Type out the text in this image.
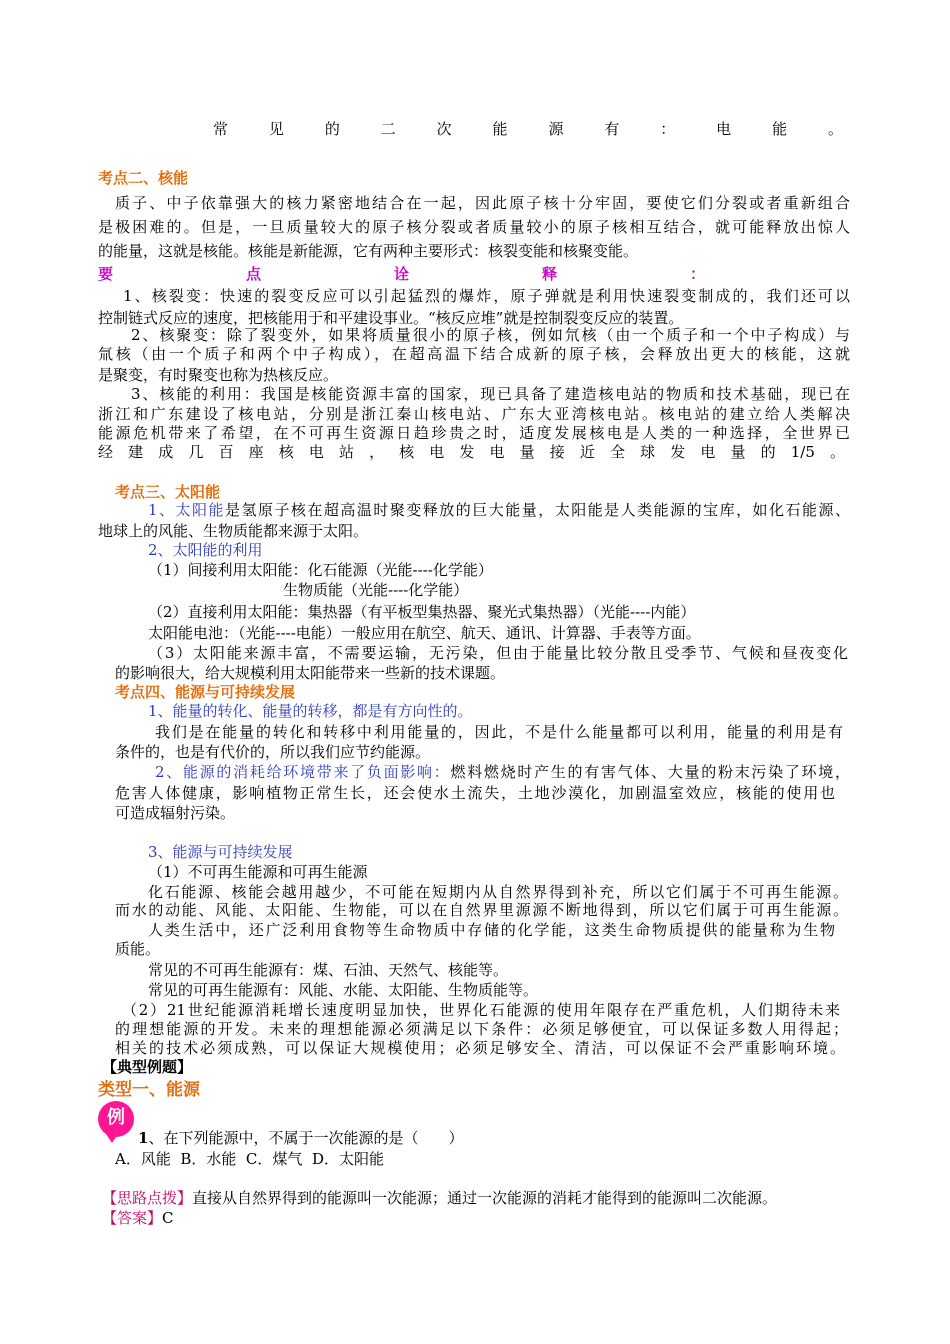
常见的二次能源有：电能。
考点二、核能
质子、中子依靠强大的核力紧密地结合在一起，因此原子核十分牢固，要使它们分裂或者重新组合
是极困难的。但是，一旦质量较大的原子核分裂或者质量较小的原子核相互结合，就可能释放出惊人
的能量，这就是核能。核能是新能源，它有两种主要形式：核裂变能和核聚变能。
要点诠释：
1、核裂变：快速的裂变反应可以引起猛烈的爆炸，原子弹就是利用快速裂变制成的，我们还可以
控制链式反应的速度，把核能用于和平建设事业。“核反应堆”就是控制裂变反应的装置。
2、核聚变：除了裂变外，如果将质量很小的原子核，例如氘核（由一个质子和一个中子构成）与
氚核（由一个质子和两个中子构成），在超高温下结合成新的原子核，会释放出更大的核能，这就
是聚变，有时聚变也称为热核反应。
3、核能的利用：我国是核能资源丰富的国家，现已具备了建造核电站的物质和技术基础，现已在
浙江和广东建设了核电站，分别是浙江秦山核电站、广东大亚湾核电站。核电站的建立给人类解决
能源危机带来了希望，在不可再生资源日趋珍贵之时，适度发展核电是人类的一种选择，全世界已
经建成几百座核电站，核电发电量接近全球发电量的1/5。
考点三、太阳能
1、太阳能是氢原子核在超高温时聚变释放的巨大能量，太阳能是人类能源的宝库，如化石能源、
地球上的风能、生物质能都来源于太阳。
2、太阳能的利用
（1）间接利用太阳能：化石能源（光能----化学能）
生物质能（光能----化学能）
（2）直接利用太阳能：集热器（有平板型集热器、聚光式集热器）（光能----内能）
太阳能电池：（光能----电能）一般应用在航空、航天、通讯、计算器、手表等方面。
（3）太阳能来源丰富，不需要运输，无污染，但由于能量比较分散且受季节、气候和昼夜变化
的影响很大，给大规模利用太阳能带来一些新的技术课题。
考点四、能源与可持续发展
1、能量的转化、能量的转移，都是有方向性的。
我们是在能量的转化和转移中利用能量的，因此，不是什么能量都可以利用，能量的利用是有
条件的，也是有代价的，所以我们应节约能源。
2、能源的消耗给环境带来了负面影响：燃料燃烧时产生的有害气体、大量的粉末污染了环境，
危害人体健康，影响植物正常生长，还会使水土流失，土地沙漠化，加剧温室效应，核能的使用也
可造成辐射污染。
3、能源与可持续发展
（1）不可再生能源和可再生能源
化石能源、核能会越用越少，不可能在短期内从自然界得到补充，所以它们属于不可再生能源。
而水的动能、风能、太阳能、生物能，可以在自然界里源源不断地得到，所以它们属于可再生能源。
人类生活中，还广泛利用食物等生命物质中存储的化学能，这类生命物质提供的能量称为生物
质能。
常见的不可再生能源有：煤、石油、天然气、核能等。
常见的可再生能源有：风能、水能、太阳能、生物质能等。
（2）21世纪能源消耗增长速度明显加快，世界化石能源的使用年限存在严重危机，人们期待未来
的理想能源的开发。未来的理想能源必须满足以下条件：必须足够便宜，可以保证多数人用得起；
相关的技术必须成熟，可以保证大规模使用；必须足够安全、清洁，可以保证不会严重影响环境。
【典型例题】
类型一、能源
例
1、在下列能源中，不属于一次能源的是（　　）
A．风能  B．水能  C．煤气  D．太阳能
【思路点拨】直接从自然界得到的能源叫一次能源；通过一次能源的消耗才能得到的能源叫二次能源。
【答案】C
